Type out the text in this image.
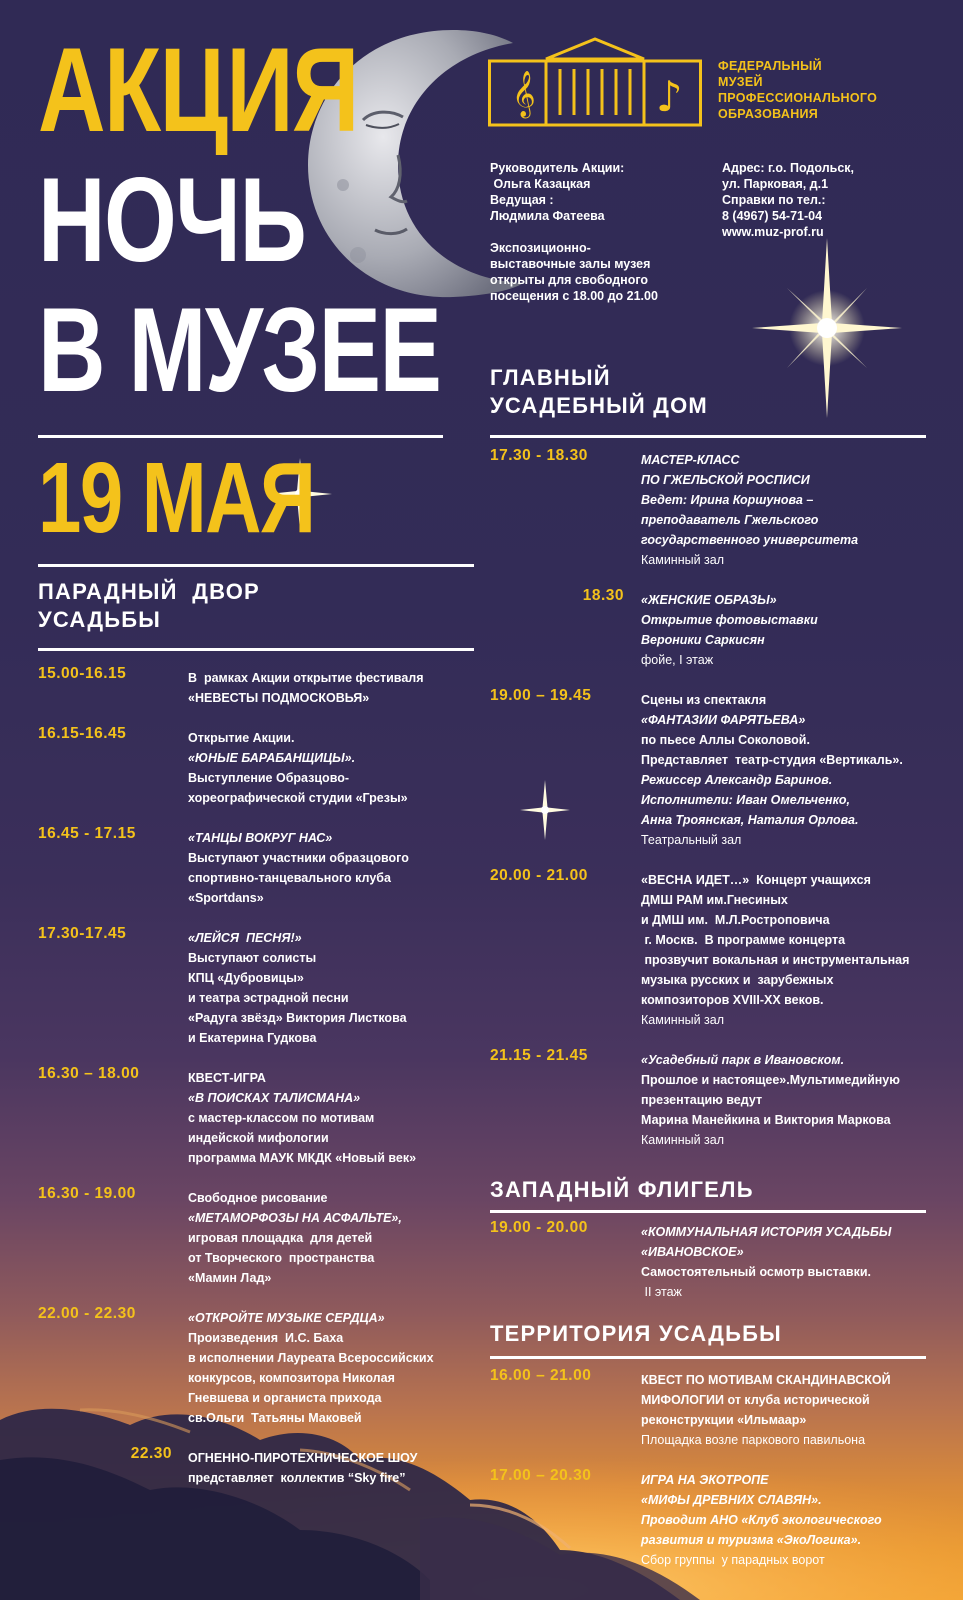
АКЦИЯ
НОЧЬ
В МУЗЕЕ
19 МАЯ
𝄞	♪
ФЕДЕРАЛЬНЫЙ
МУЗЕЙ
ПРОФЕССИОНАЛЬНОГО
ОБРАЗОВАНИЯ
Руководитель Акции:
Ольга Казацкая
Ведущая :
Людмила Фатеева
Адрес: г.о. Подольск,
ул. Парковая, д.1
Справки по тел.:
8 (4967) 54-71-04
www.muz-prof.ru
Экспозиционно-
выставочные залы музея
открыты для свободного
посещения с 18.00 до 21.00
ПАРАДНЫЙ  ДВОР
УСАДЬБЫ
15.00-16.15	В  рамках Акции открытие фестиваля
«НЕВЕСТЫ ПОДМОСКОВЬЯ»
16.15-16.45	Открытие Акции.
«ЮНЫЕ БАРАБАНЩИЦЫ».
Выступление Образцово-
хореографической студии «Грезы»
16.45 - 17.15	«ТАНЦЫ ВОКРУГ НАС»
Выступают участники образцового
спортивно-танцевального клуба
«Sportdans»
17.30-17.45	«ЛЕЙСЯ  ПЕСНЯ!»
Выступают солисты
КПЦ «Дубровицы»
и театра эстрадной песни
«Радуга звёзд» Виктория Листкова
и Екатерина Гудкова
16.30 – 18.00	КВЕСТ-ИГРА
«В ПОИСКАХ ТАЛИСМАНА»
с мастер-классом по мотивам
индейской мифологии
программа МАУК МКДК «Новый век»
16.30 - 19.00	Свободное рисование
«МЕТАМОРФОЗЫ НА АСФАЛЬТЕ»,
игровая площадка  для детей
от Творческого  пространства
«Мамин Лад»
22.00 - 22.30	«ОТКРОЙТЕ МУЗЫКЕ СЕРДЦА»
Произведения  И.С. Баха
в исполнении Лауреата Всероссийских
конкурсов, композитора Николая
Гневшева и органиста прихода
св.Ольги  Татьяны Маковей
22.30 ОГНЕННО-ПИРОТЕХНИЧЕСКОЕ ШОУ
представляет  коллектив “Sky fire”
ГЛАВНЫЙ
УСАДЕБНЫЙ ДОМ
17.30 - 18.30	МАСТЕР-КЛАСС
ПО ГЖЕЛЬСКОЙ РОСПИСИ
Ведет: Ирина Коршунова –
преподаватель Гжельского
государственного университета
Каминный зал
18.30 «ЖЕНСКИЕ ОБРАЗЫ»
Открытие фотовыставки
Вероники Саркисян
фойе, I этаж
19.00 – 19.45	Сцены из спектакля
«ФАНТАЗИИ ФАРЯТЬЕВА»
по пьесе Аллы Соколовой.
Представляет  театр-студия «Вертикаль».
Режиссер Александр Баринов.
Исполнители: Иван Омельченко,
Анна Троянская, Наталия Орлова.
Театральный зал
20.00 - 21.00	«ВЕСНА ИДЕТ…»  Концерт учащихся
ДМШ РАМ им.Гнесиных
и ДМШ им.  М.Л.Ростроповича
г. Москв.  В программе концерта
прозвучит вокальная и инструментальная
музыка русских и  зарубежных
композиторов XVIII-XX веков.
Каминный зал
21.15 - 21.45	«Усадебный парк в Ивановском.
Прошлое и настоящее».Мультимедийную
презентацию ведут
Марина Манейкина и Виктория Маркова
Каминный зал
ЗАПАДНЫЙ ФЛИГЕЛЬ
19.00 - 20.00	«КОММУНАЛЬНАЯ ИСТОРИЯ УСАДЬБЫ
«ИВАНОВСКОЕ»
Самостоятельный осмотр выставки.
II этаж
ТЕРРИТОРИЯ УСАДЬБЫ
16.00 – 21.00	КВЕСТ ПО МОТИВАМ СКАНДИНАВСКОЙ
МИФОЛОГИИ от клуба исторической
реконструкции «Ильмаар»
Площадка возле паркового павильона
17.00 – 20.30	ИГРА НА ЭКОТРОПЕ
«МИФЫ ДРЕВНИХ СЛАВЯН».
Проводит АНО «Клуб экологического
развития и туризма «ЭкоЛогика».
Сбор группы  у парадных ворот
